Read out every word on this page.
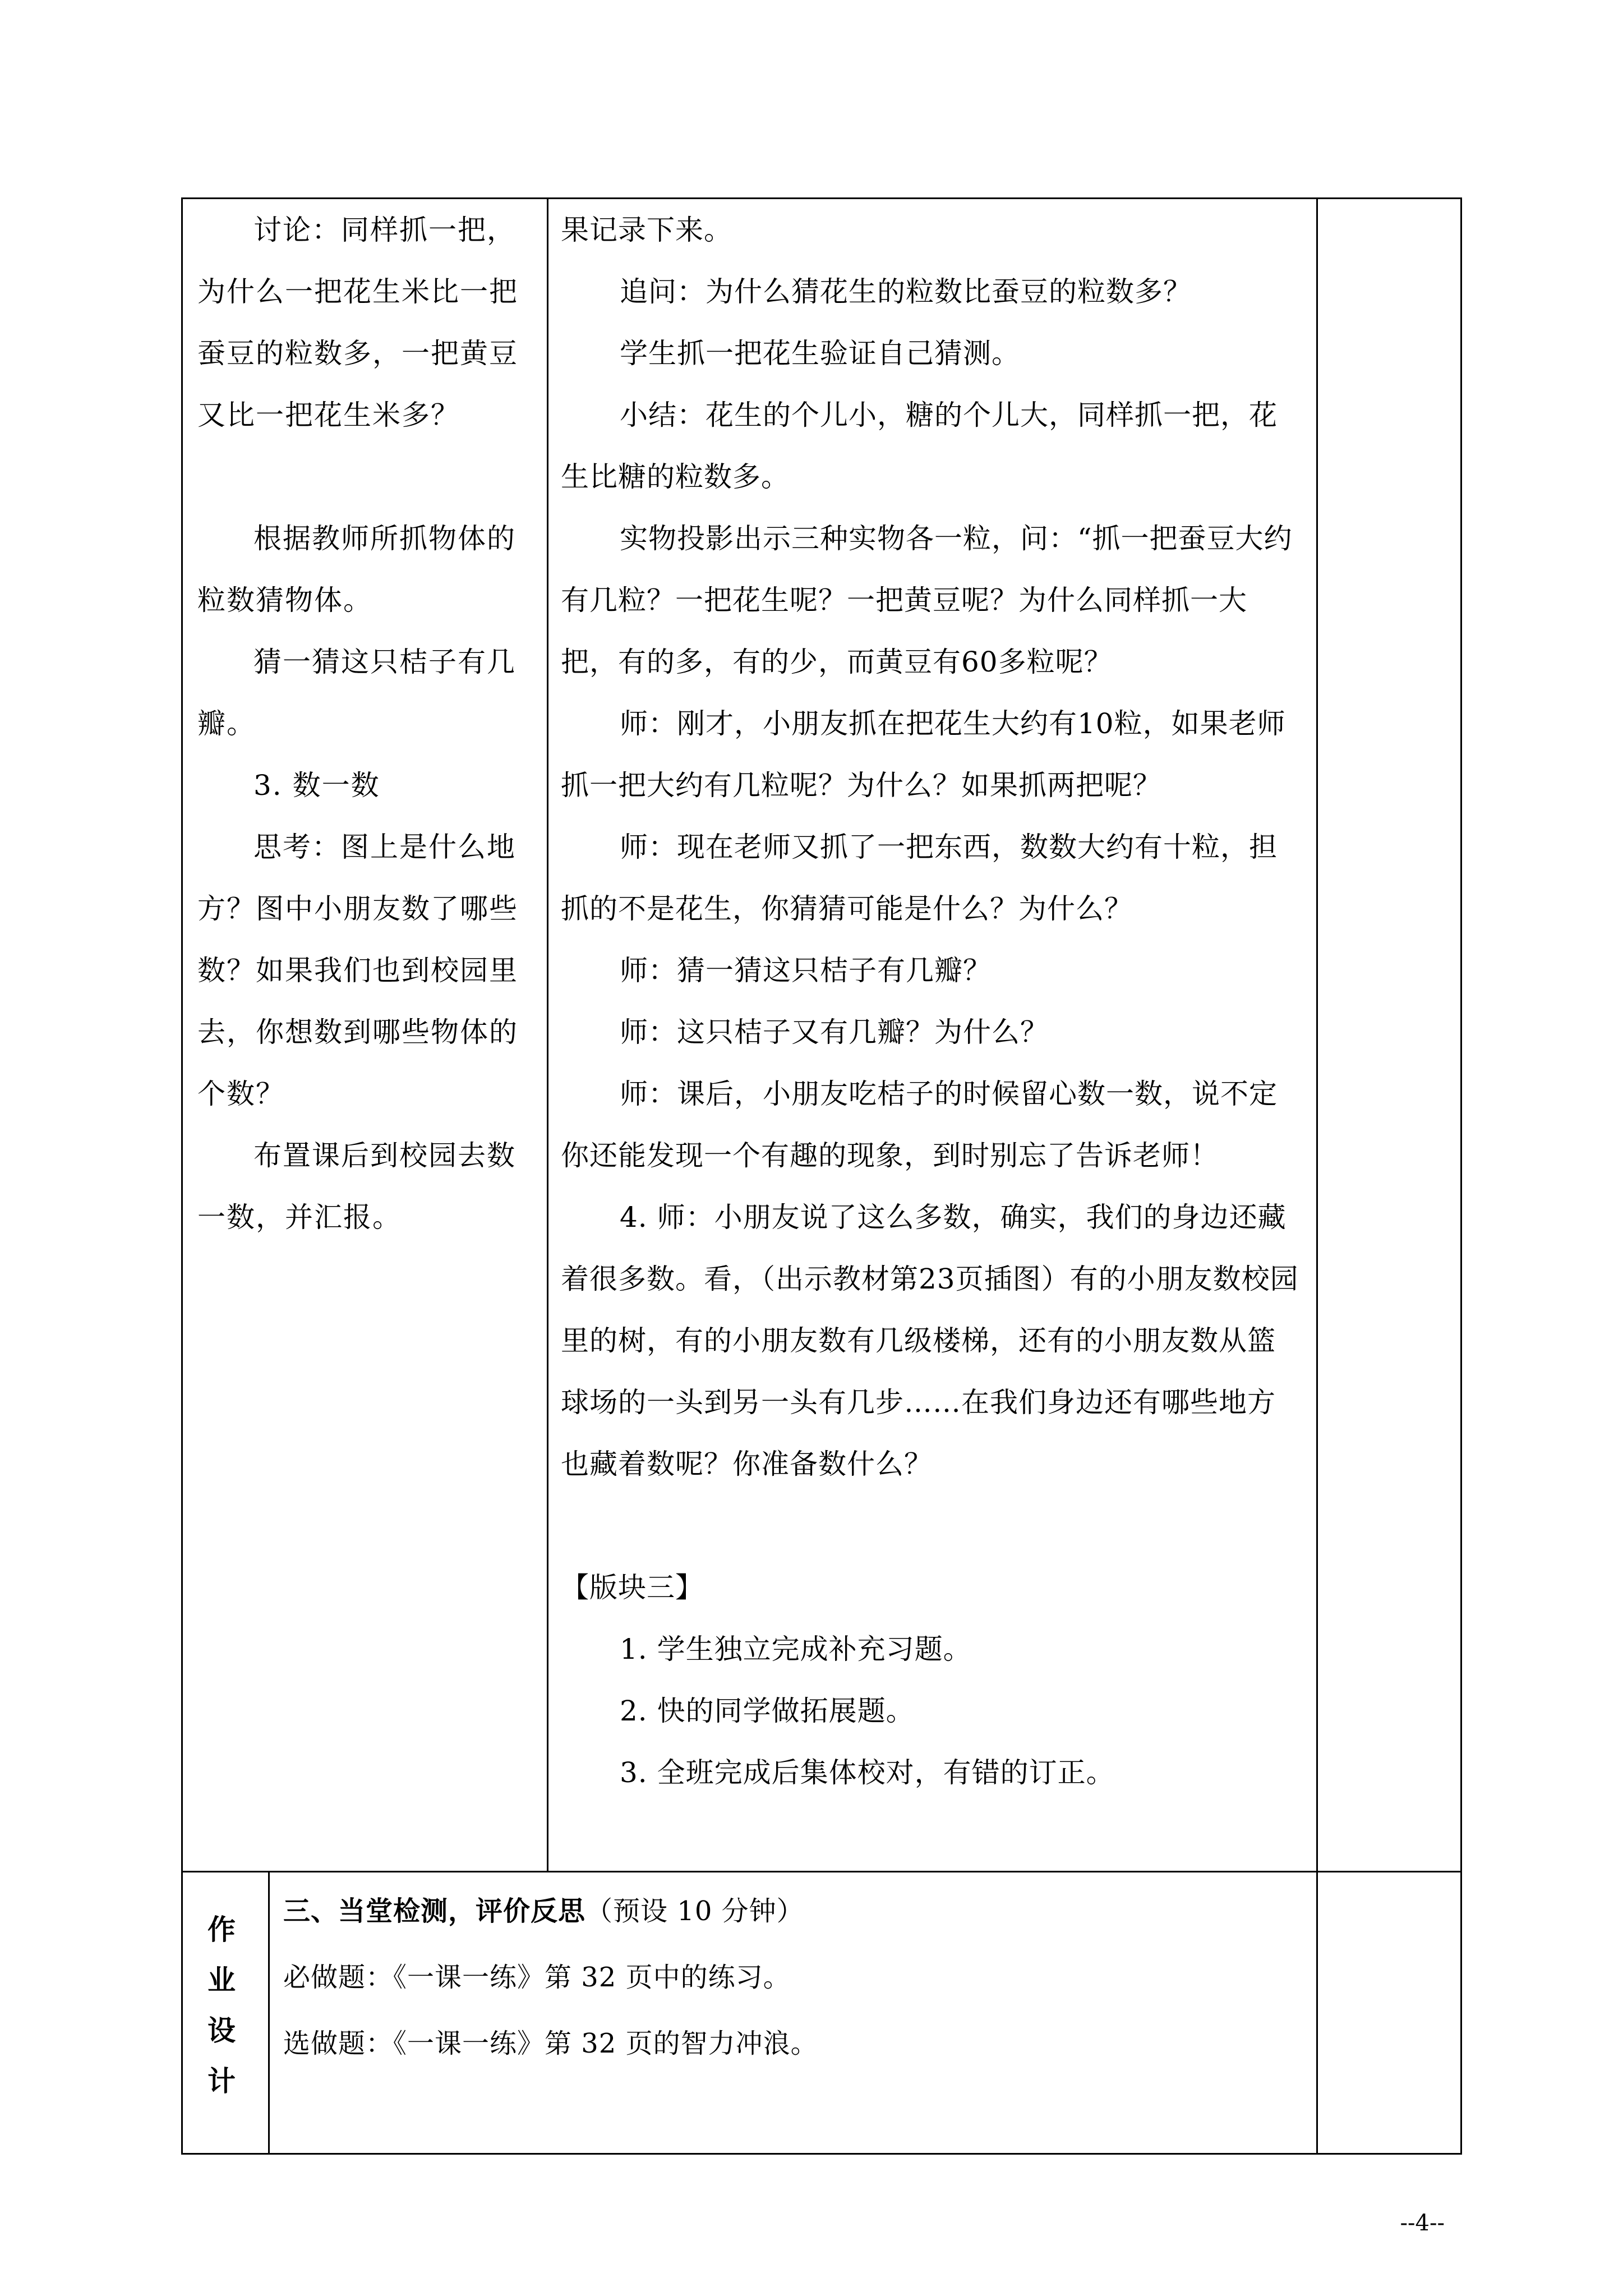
讨论：同样抓一把，为什么一把花生米比一把蚕豆的粒数多，一把黄豆又比一把花生米多？

根据教师所抓物体的粒数猜物体。

猜一猜这只桔子有几瓣。

3. 数一数

思考：图上是什么地方？图中小朋友数了哪些数？如果我们也到校园里去，你想数到哪些物体的个数？

布置课后到校园去数一数，并汇报。

果记录下来。

追问：为什么猜花生的粒数比蚕豆的粒数多？

学生抓一把花生验证自己猜测。

小结：花生的个儿小，糖的个儿大，同样抓一把，花生比糖的粒数多。

实物投影出示三种实物各一粒，问：“抓一把蚕豆大约有几粒？一把花生呢？一把黄豆呢？为什么同样抓一大把，有的多，有的少，而黄豆有60多粒呢？

师：刚才，小朋友抓在把花生大约有10粒，如果老师抓一把大约有几粒呢？为什么？如果抓两把呢？

师：现在老师又抓了一把东西，数数大约有十粒，担抓的不是花生，你猜猜可能是什么？为什么？

师：猜一猜这只桔子有几瓣？

师：这只桔子又有几瓣？为什么？

师：课后，小朋友吃桔子的时候留心数一数，说不定你还能发现一个有趣的现象，到时别忘了告诉老师！

4. 师：小朋友说了这么多数，确实，我们的身边还藏着很多数。看，（出示教材第23页插图）有的小朋友数校园里的树，有的小朋友数有几级楼梯，还有的小朋友数从篮球场的一头到另一头有几步……在我们身边还有哪些地方也藏着数呢？你准备数什么？

【版块三】

1. 学生独立完成补充习题。

2. 快的同学做拓展题。

3. 全班完成后集体校对，有错的订正。

作
业
设
计

三、当堂检测，评价反思（预设 10 分钟）

必做题：《一课一练》第 32 页中的练习。

选做题：《一课一练》第 32 页的智力冲浪。

--4--
